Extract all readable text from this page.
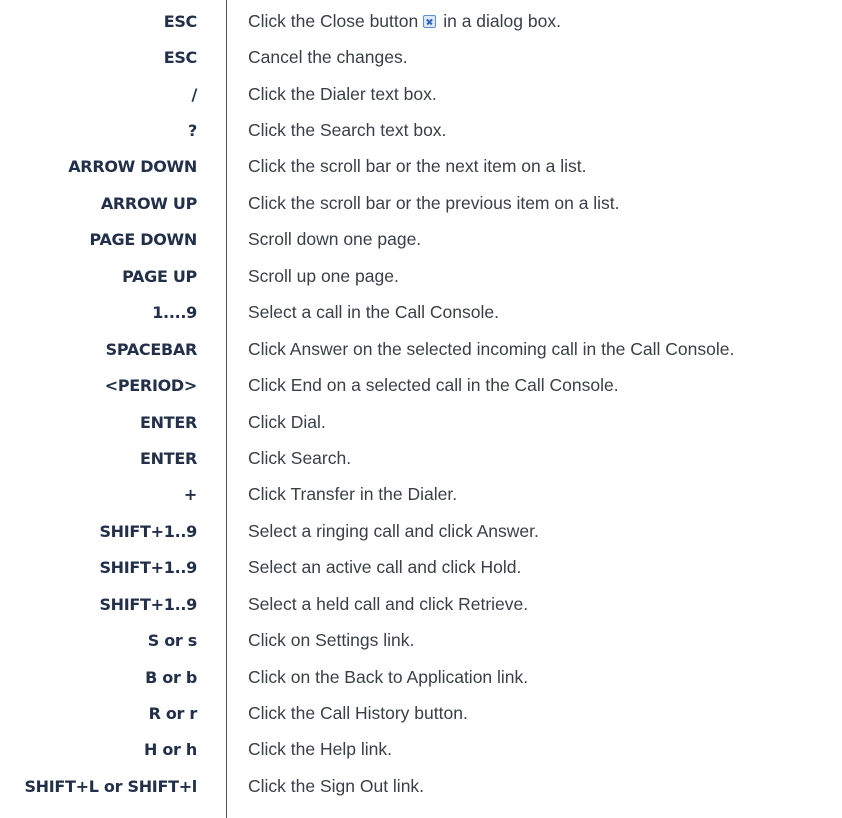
ESC	Click the Close button in a dialog box.
ESC	Cancel the changes.
/	Click the Dialer text box.
?	Click the Search text box.
ARROW DOWN	Click the scroll bar or the next item on a list.
ARROW UP	Click the scroll bar or the previous item on a list.
PAGE DOWN	Scroll down one page.
PAGE UP	Scroll up one page.
1....9	Select a call in the Call Console.
SPACEBAR	Click Answer on the selected incoming call in the Call Console.
<PERIOD>	Click End on a selected call in the Call Console.
ENTER	Click Dial.
ENTER	Click Search.
+	Click Transfer in the Dialer.
SHIFT+1..9	Select a ringing call and click Answer.
SHIFT+1..9	Select an active call and click Hold.
SHIFT+1..9	Select a held call and click Retrieve.
S or s	Click on Settings link.
B or b	Click on the Back to Application link.
R or r	Click the Call History button.
H or h	Click the Help link.
SHIFT+L or SHIFT+l	Click the Sign Out link.
